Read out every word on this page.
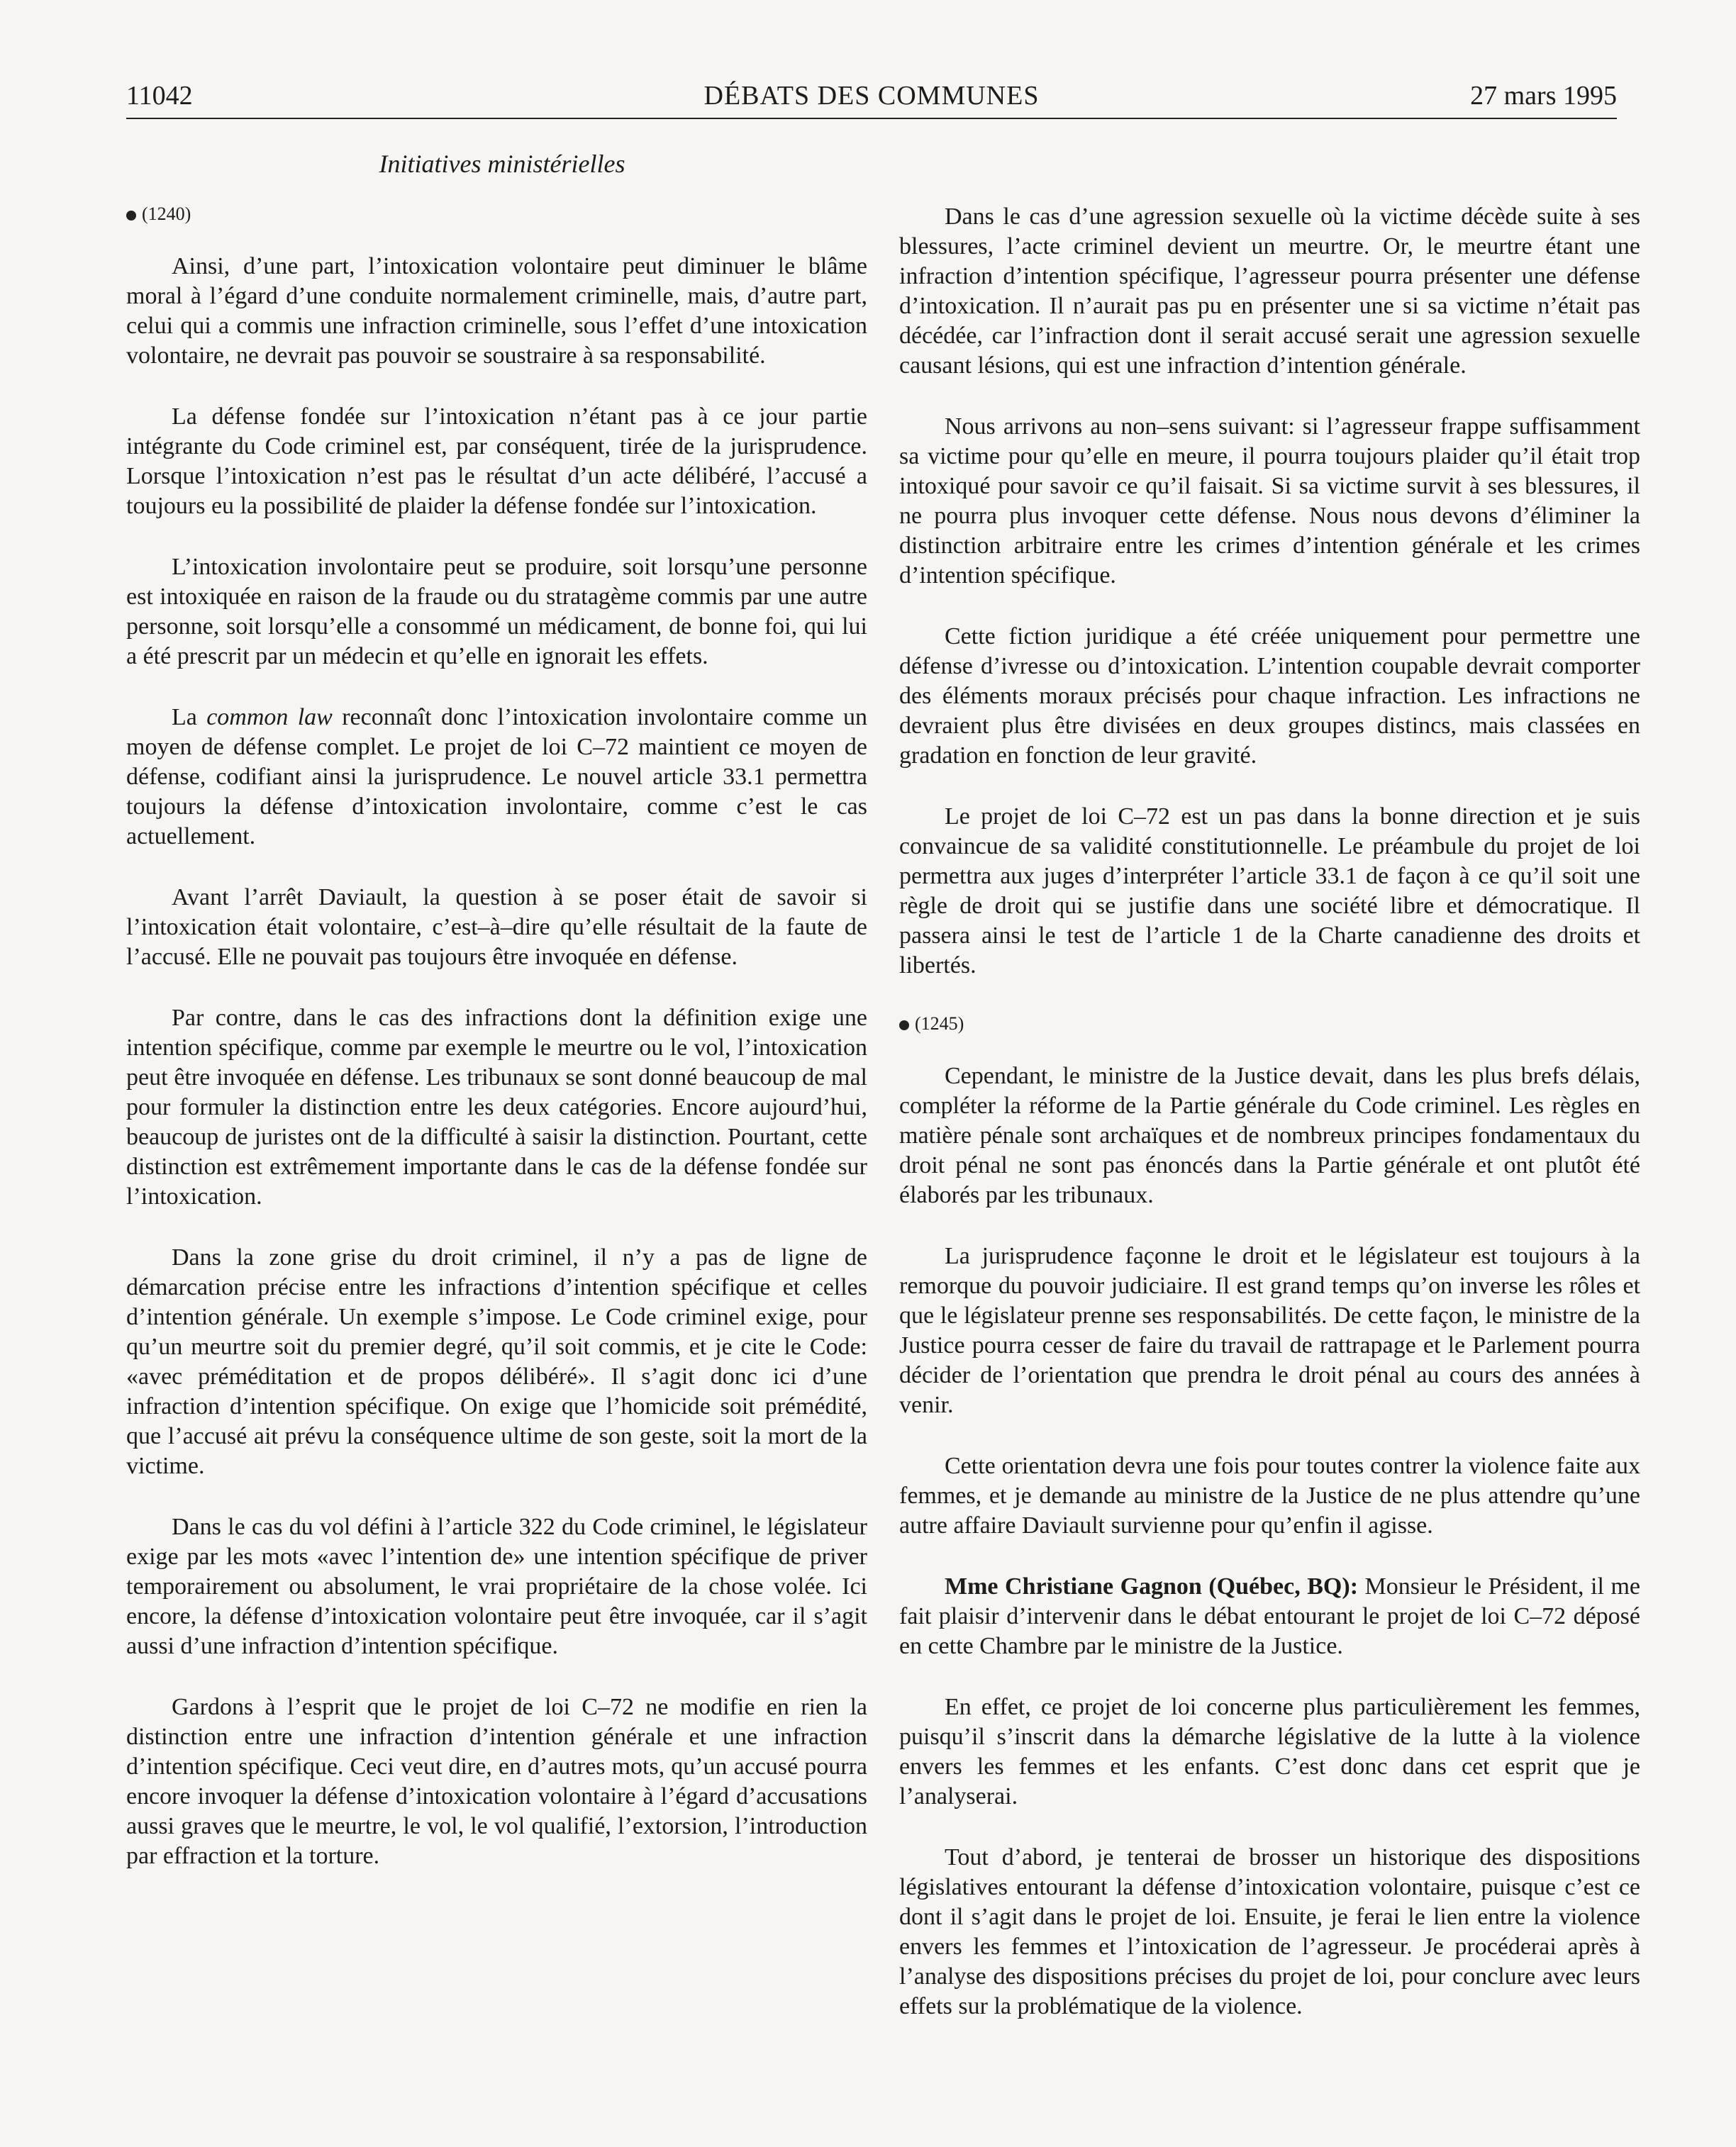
11042	DÉBATS DES COMMUNES	27 mars 1995
Initiatives ministérielles
(1240)

Ainsi, d’une part, l’intoxication volontaire peut diminuer le blâme moral à l’égard d’une conduite normalement criminelle, mais, d’autre part, celui qui a commis une infraction criminelle, sous l’effet d’une intoxication volontaire, ne devrait pas pouvoir se soustraire à sa responsabilité.

La défense fondée sur l’intoxication n’étant pas à ce jour partie intégrante du Code criminel est, par conséquent, tirée de la jurisprudence. Lorsque l’intoxication n’est pas le résultat d’un acte délibéré, l’accusé a toujours eu la possibilité de plaider la défense fondée sur l’intoxication.

L’intoxication involontaire peut se produire, soit lorsqu’une personne est intoxiquée en raison de la fraude ou du stratagème commis par une autre personne, soit lorsqu’elle a consommé un médicament, de bonne foi, qui lui a été prescrit par un médecin et qu’elle en ignorait les effets.

La common law reconnaît donc l’intoxication involontaire comme un moyen de défense complet. Le projet de loi C–72 maintient ce moyen de défense, codifiant ainsi la jurisprudence. Le nouvel article 33.1 permettra toujours la défense d’intoxication involontaire, comme c’est le cas actuellement.

Avant l’arrêt Daviault, la question à se poser était de savoir si l’intoxication était volontaire, c’est–à–dire qu’elle résultait de la faute de l’accusé. Elle ne pouvait pas toujours être invoquée en défense.

Par contre, dans le cas des infractions dont la définition exige une intention spécifique, comme par exemple le meurtre ou le vol, l’intoxication peut être invoquée en défense. Les tribunaux se sont donné beaucoup de mal pour formuler la distinction entre les deux catégories. Encore aujourd’hui, beaucoup de juristes ont de la difficulté à saisir la distinction. Pourtant, cette distinction est extrêmement importante dans le cas de la défense fondée sur l’intoxication.

Dans la zone grise du droit criminel, il n’y a pas de ligne de démarcation précise entre les infractions d’intention spécifique et celles d’intention générale. Un exemple s’impose. Le Code criminel exige, pour qu’un meurtre soit du premier degré, qu’il soit commis, et je cite le Code: «avec préméditation et de propos délibéré». Il s’agit donc ici d’une infraction d’intention spécifique. On exige que l’homicide soit prémédité, que l’accusé ait prévu la conséquence ultime de son geste, soit la mort de la victime.

Dans le cas du vol défini à l’article 322 du Code criminel, le législateur exige par les mots «avec l’intention de» une intention spécifique de priver temporairement ou absolument, le vrai propriétaire de la chose volée. Ici encore, la défense d’intoxication volontaire peut être invoquée, car il s’agit aussi d’une infraction d’intention spécifique.

Gardons à l’esprit que le projet de loi C–72 ne modifie en rien la distinction entre une infraction d’intention générale et une infraction d’intention spécifique. Ceci veut dire, en d’autres mots, qu’un accusé pourra encore invoquer la défense d’intoxication volontaire à l’égard d’accusations aussi graves que le meurtre, le vol, le vol qualifié, l’extorsion, l’introduction par effraction et la torture.

Dans le cas d’une agression sexuelle où la victime décède suite à ses blessures, l’acte criminel devient un meurtre. Or, le meurtre étant une infraction d’intention spécifique, l’agresseur pourra présenter une défense d’intoxication. Il n’aurait pas pu en présenter une si sa victime n’était pas décédée, car l’infraction dont il serait accusé serait une agression sexuelle causant lésions, qui est une infraction d’intention générale.

Nous arrivons au non–sens suivant: si l’agresseur frappe suffisamment sa victime pour qu’elle en meure, il pourra toujours plaider qu’il était trop intoxiqué pour savoir ce qu’il faisait. Si sa victime survit à ses blessures, il ne pourra plus invoquer cette défense. Nous nous devons d’éliminer la distinction arbitraire entre les crimes d’intention générale et les crimes d’intention spécifique.

Cette fiction juridique a été créée uniquement pour permettre une défense d’ivresse ou d’intoxication. L’intention coupable devrait comporter des éléments moraux précisés pour chaque infraction. Les infractions ne devraient plus être divisées en deux groupes distincs, mais classées en gradation en fonction de leur gravité.

Le projet de loi C–72 est un pas dans la bonne direction et je suis convaincue de sa validité constitutionnelle. Le préambule du projet de loi permettra aux juges d’interpréter l’article 33.1 de façon à ce qu’il soit une règle de droit qui se justifie dans une société libre et démocratique. Il passera ainsi le test de l’article 1 de la Charte canadienne des droits et libertés.

(1245)

Cependant, le ministre de la Justice devait, dans les plus brefs délais, compléter la réforme de la Partie générale du Code criminel. Les règles en matière pénale sont archaïques et de nombreux principes fondamentaux du droit pénal ne sont pas énoncés dans la Partie générale et ont plutôt été élaborés par les tribunaux.

La jurisprudence façonne le droit et le législateur est toujours à la remorque du pouvoir judiciaire. Il est grand temps qu’on inverse les rôles et que le législateur prenne ses responsabilités. De cette façon, le ministre de la Justice pourra cesser de faire du travail de rattrapage et le Parlement pourra décider de l’orientation que prendra le droit pénal au cours des années à venir.

Cette orientation devra une fois pour toutes contrer la violence faite aux femmes, et je demande au ministre de la Justice de ne plus attendre qu’une autre affaire Daviault survienne pour qu’enfin il agisse.

Mme Christiane Gagnon (Québec, BQ): Monsieur le Président, il me fait plaisir d’intervenir dans le débat entourant le projet de loi C–72 déposé en cette Chambre par le ministre de la Justice.

En effet, ce projet de loi concerne plus particulièrement les femmes, puisqu’il s’inscrit dans la démarche législative de la lutte à la violence envers les femmes et les enfants. C’est donc dans cet esprit que je l’analyserai.

Tout d’abord, je tenterai de brosser un historique des dispositions législatives entourant la défense d’intoxication volontaire, puisque c’est ce dont il s’agit dans le projet de loi. Ensuite, je ferai le lien entre la violence envers les femmes et l’intoxication de l’agresseur. Je procéderai après à l’analyse des dispositions précises du projet de loi, pour conclure avec leurs effets sur la problématique de la violence.
